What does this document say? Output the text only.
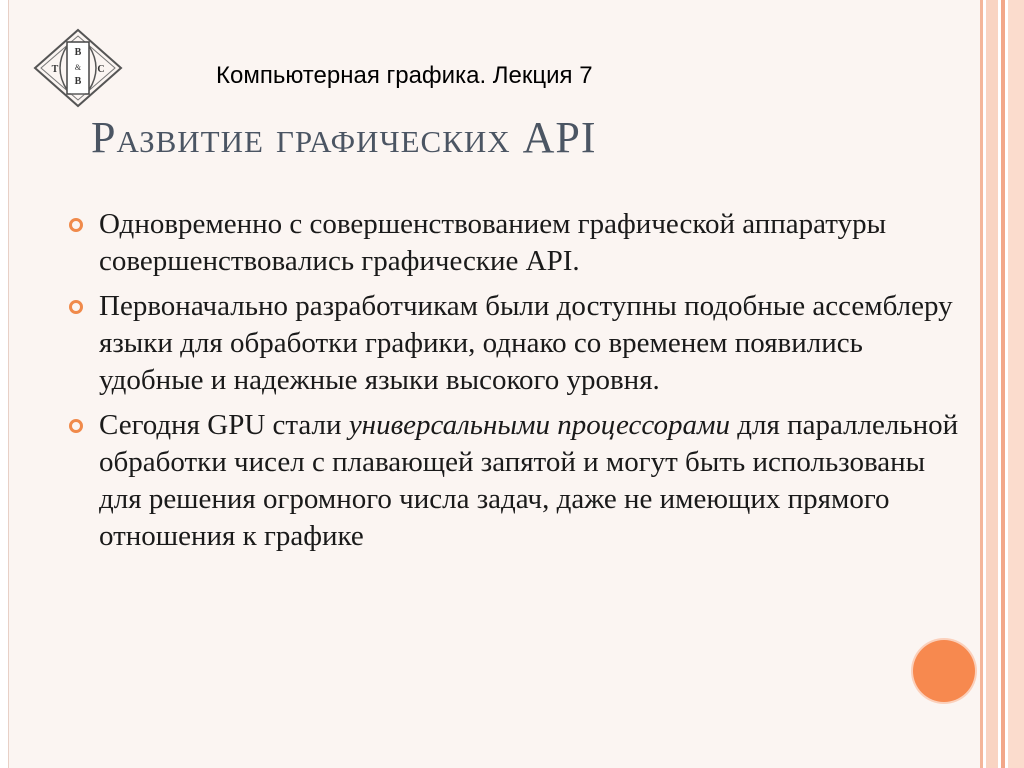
B
&
B
T	C	Компьютерная графика. Лекция 7
Развитие графических API
Одновременно с совершенствованием графической аппаратуры совершенствовались графические API.
Первоначально разработчикам были доступны подобные ассемблеру языки для обработки графики, однако со временем появились удобные и надежные языки высокого уровня.
Сегодня GPU стали универсальными процессорами для параллельной обработки чисел с плавающей запятой и могут быть использованы для решения огромного числа задач, даже не имеющих прямого отношения к графике
